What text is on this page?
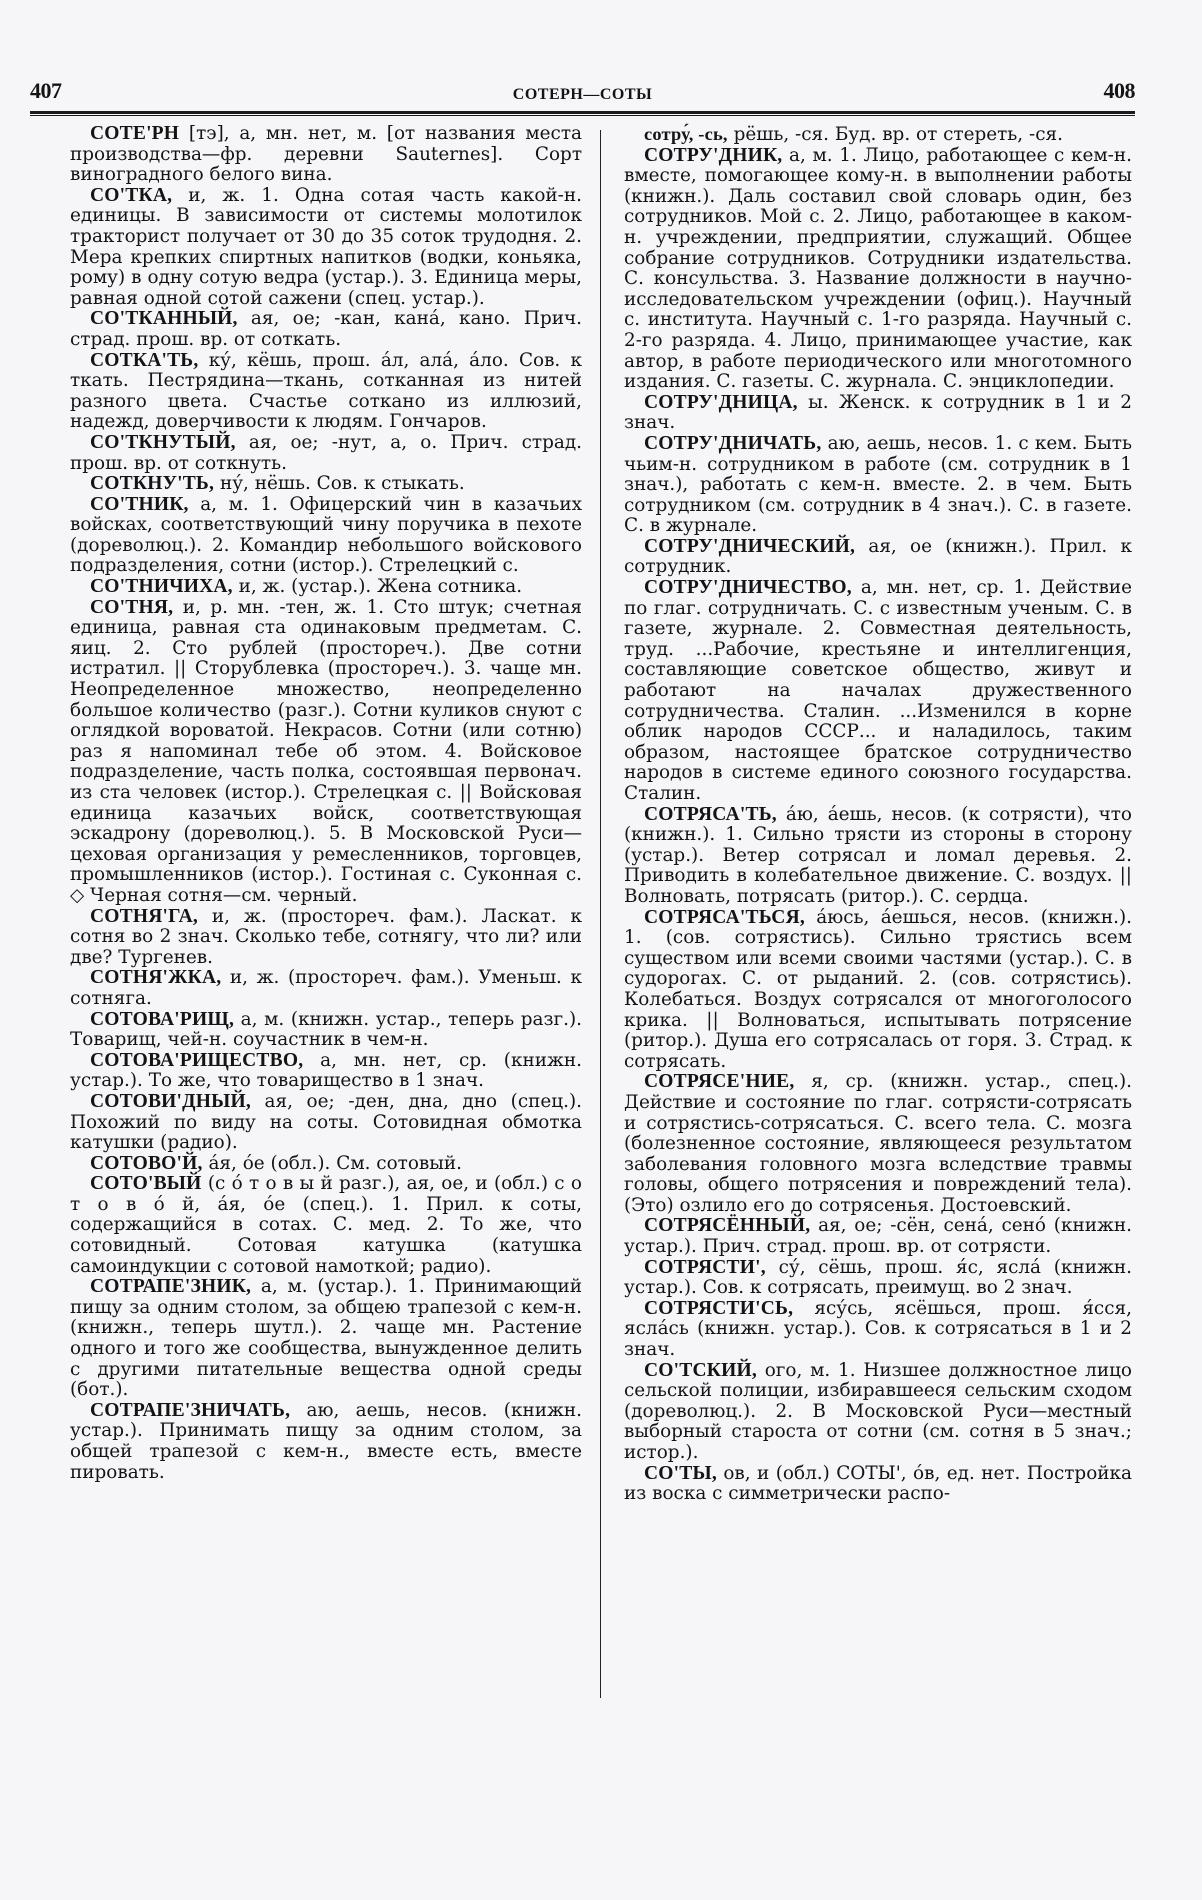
407	СОТЕРН—СОТЫ	408

СОТЕ'РН [тэ], а, мн. нет, м. [от названия места производства—фр. деревни Sauternes]. Сорт виноградного белого вина.

СО'ТКА, и, ж. 1. Одна сотая часть какой-н. единицы. В зависимости от системы молотилок тракторист получает от 30 до 35 соток трудодня. 2. Мера крепких спиртных напитков (водки, коньяка, рому) в одну сотую ведра (устар.). 3. Единица меры, равная одной сотой сажени (спец. устар.).

СО'ТКАННЫЙ, ая, ое; -кан, кана́, кано. Прич. страд. прош. вр. от соткать.

СОТКА'ТЬ, ку́, кёшь, прош. а́л, ала́, а́ло. Сов. к ткать. Пестрядина—ткань, сотканная из нитей разного цвета. Счастье соткано из иллюзий, надежд, доверчивости к людям. Гончаров.

СО'ТКНУТЫЙ, ая, ое; -нут, а, о. Прич. страд. прош. вр. от соткнуть.

СОТКНУ'ТЬ, ну́, нёшь. Сов. к стыкать.

СО'ТНИК, а, м. 1. Офицерский чин в казачьих войсках, соответствующий чину поручика в пехоте (дореволюц.). 2. Командир небольшого войскового подразделения, сотни (истор.). Стрелецкий с.

СО'ТНИЧИХА, и, ж. (устар.). Жена сотника.

СО'ТНЯ, и, р. мн. -тен, ж. 1. Сто штук; счетная единица, равная ста одинаковым предметам. С. яиц. 2. Сто рублей (простореч.). Две сотни истратил. || Сторублевка (простореч.). 3. чаще мн. Неопределенное множество, неопределенно большое количество (разг.). Сотни куликов снуют с оглядкой вороватой. Некрасов. Сотни (или сотню) раз я напоминал тебе об этом. 4. Войсковое подразделение, часть полка, состоявшая первонач. из ста человек (истор.). Стрелецкая с. || Войсковая единица казачьих войск, соответствующая эскадрону (дореволюц.). 5. В Московской Руси—цеховая организация у ремесленников, торговцев, промышленников (истор.). Гостиная с. Суконная с. ◇ Черная сотня—см. черный.

СОТНЯ'ГА, и, ж. (простореч. фам.). Ласкат. к сотня во 2 знач. Сколько тебе, сотнягу, что ли? или две? Тургенев.

СОТНЯ'ЖКА, и, ж. (простореч. фам.). Уменьш. к сотняга.

СОТОВА'РИЩ, а, м. (книжн. устар., теперь разг.). Товарищ, чей-н. соучастник в чем-н.

СОТОВА'РИЩЕСТВО, а, мн. нет, ср. (книжн. устар.). То же, что товарищество в 1 знач.

СОТОВИ'ДНЫЙ, ая, ое; -ден, дна, дно (спец.). Похожий по виду на соты. Сотовидная обмотка катушки (радио).

СОТОВО'Й, а́я, о́е (обл.). См. сотовый.

СОТО'ВЫЙ (с о́ т о в ы й разг.), ая, ое, и (обл.) с о т о в о́ й, а́я, о́е (спец.). 1. Прил. к соты, содержащийся в сотах. С. мед. 2. То же, что сотовидный. Сотовая катушка (катушка самоиндукции с сотовой намоткой; радио).

СОТРАПЕ'ЗНИК, а, м. (устар.). 1. Принимающий пищу за одним столом, за общею трапезой с кем-н. (книжн., теперь шутл.). 2. чаще мн. Растение одного и того же сообщества, вынужденное делить с другими питательные вещества одной среды (бот.).

СОТРАПЕ'ЗНИЧАТЬ, аю, аешь, несов. (книжн. устар.). Принимать пищу за одним столом, за общей трапезой с кем-н., вместе есть, вместе пировать.

сотру́, -сь, рёшь, -ся. Буд. вр. от стереть, -ся.

СОТРУ'ДНИК, а, м. 1. Лицо, работающее с кем-н. вместе, помогающее кому-н. в выполнении работы (книжн.). Даль составил свой словарь один, без сотрудников. Мой с. 2. Лицо, работающее в каком-н. учреждении, предприятии, служащий. Общее собрание сотрудников. Сотрудники издательства. С. консульства. 3. Название должности в научно-исследовательском учреждении (офиц.). Научный с. института. Научный с. 1-го разряда. Научный с. 2-го разряда. 4. Лицо, принимающее участие, как автор, в работе периодического или многотомного издания. С. газеты. С. журнала. С. энциклопедии.

СОТРУ'ДНИЦА, ы. Женск. к сотрудник в 1 и 2 знач.

СОТРУ'ДНИЧАТЬ, аю, аешь, несов. 1. с кем. Быть чьим-н. сотрудником в работе (см. сотрудник в 1 знач.), работать с кем-н. вместе. 2. в чем. Быть сотрудником (см. сотрудник в 4 знач.). С. в газете. С. в журнале.

СОТРУ'ДНИЧЕСКИЙ, ая, ое (книжн.). Прил. к сотрудник.

СОТРУ'ДНИЧЕСТВО, а, мн. нет, ср. 1. Действие по глаг. сотрудничать. С. с известным ученым. С. в газете, журнале. 2. Совместная деятельность, труд. ...Рабочие, крестьяне и интеллигенция, составляющие советское общество, живут и работают на началах дружественного сотрудничества. Сталин. ...Изменился в корне облик народов СССР... и наладилось, таким образом, настоящее братское сотрудничество народов в системе единого союзного государства. Сталин.

СОТРЯСА'ТЬ, а́ю, а́ешь, несов. (к сотрясти), что (книжн.). 1. Сильно трясти из стороны в сторону (устар.). Ветер сотрясал и ломал деревья. 2. Приводить в колебательное движение. С. воздух. || Волновать, потрясать (ритор.). С. сердца.

СОТРЯСА'ТЬСЯ, а́юсь, а́ешься, несов. (книжн.). 1. (сов. сотрястись). Сильно трястись всем существом или всеми своими частями (устар.). С. в судорогах. С. от рыданий. 2. (сов. сотрястись). Колебаться. Воздух сотрясался от многоголосого крика. || Волноваться, испытывать потрясение (ритор.). Душа его сотрясалась от горя. 3. Страд. к сотрясать.

СОТРЯСЕ'НИЕ, я, ср. (книжн. устар., спец.). Действие и состояние по глаг. сотрясти-сотрясать и сотрястись-сотрясаться. С. всего тела. С. мозга (болезненное состояние, являющееся результатом заболевания головного мозга вследствие травмы головы, общего потрясения и повреждений тела). (Это) озлило его до сотрясенья. Достоевский.

СОТРЯСЁННЫЙ, ая, ое; -сён, сена́, сено́ (книжн. устар.). Прич. страд. прош. вр. от сотрясти.

СОТРЯСТИ', су́, сёшь, прош. я́с, ясла́ (книжн. устар.). Сов. к сотрясать, преимущ. во 2 знач.

СОТРЯСТИ'СЬ, ясу́сь, ясёшься, прош. я́сся, ясла́сь (книжн. устар.). Сов. к сотрясаться в 1 и 2 знач.

СО'ТСКИЙ, ого, м. 1. Низшее должностное лицо сельской полиции, избиравшееся сельским сходом (дореволюц.). 2. В Московской Руси—местный выборный староста от сотни (см. сотня в 5 знач.; истор.).

СО'ТЫ, ов, и (обл.) СОТЫ', о́в, ед. нет. Постройка из воска с симметрически распо-
